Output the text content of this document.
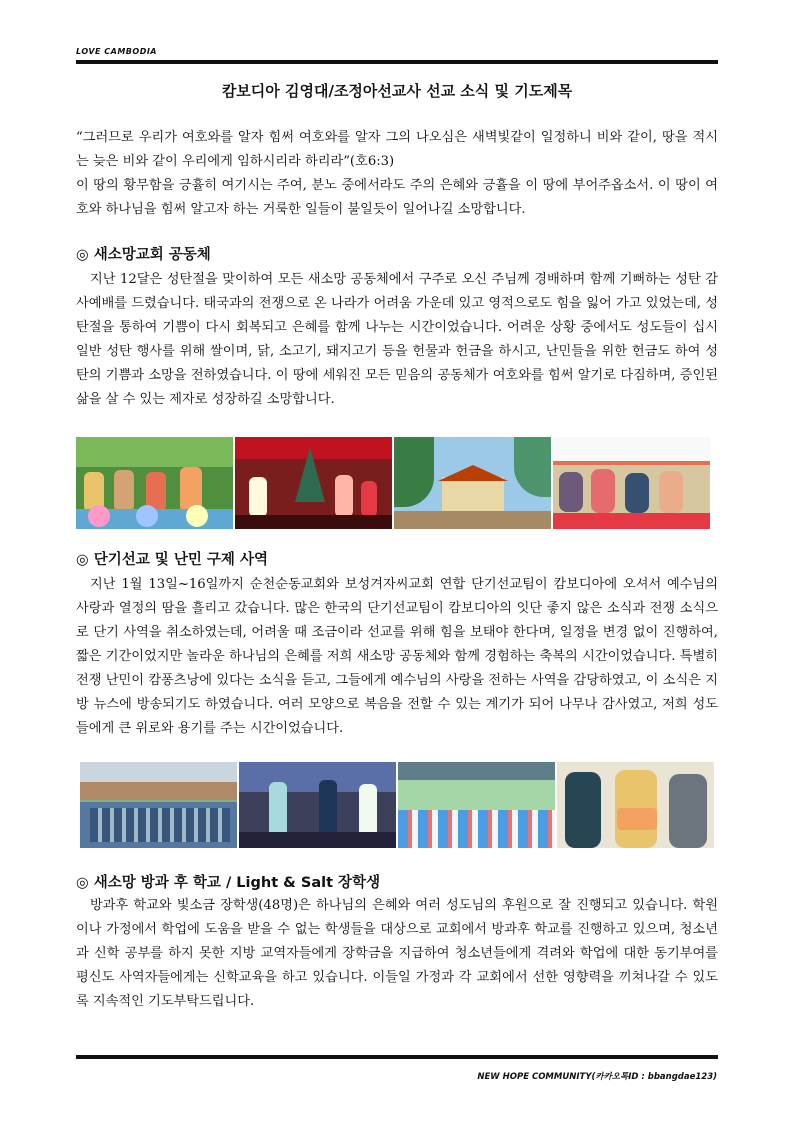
LOVE CAMBODIA
캄보디아 김영대/조정아선교사 선교 소식 및 기도제목

“그러므로 우리가 여호와를 알자 힘써 여호와를 알자 그의 나오심은 새벽빛같이 일정하니 비와 같이, 땅을 적시는 늦은 비와 같이 우리에게 임하시리라 하리라”(호6:3)

이 땅의 황무함을 긍휼히 여기시는 주여, 분노 중에서라도 주의 은혜와 긍휼을 이 땅에 부어주옵소서. 이 땅이 여호와 하나님을 힘써 알고자 하는 거룩한 일들이 불일듯이 일어나길 소망합니다.

◎ 새소망교회 공동체

지난 12달은 성탄절을 맞이하여 모든 새소망 공동체에서 구주로 오신 주님께 경배하며 함께 기뻐하는 성탄 감사예배를 드렸습니다. 태국과의 전쟁으로 온 나라가 어려움 가운데 있고 영적으로도 힘을 잃어 가고 있었는데, 성탄절을 통하여 기쁨이 다시 회복되고 은혜를 함께 나누는 시간이었습니다. 어려운 상황 중에서도 성도들이 십시일반 성탄 행사를 위해 쌀이며, 닭, 소고기, 돼지고기 등을 헌물과 헌금을 하시고, 난민들을 위한 헌금도 하여 성탄의 기쁨과 소망을 전하였습니다. 이 땅에 세워진 모든 믿음의 공동체가 여호와를 힘써 알기로 다짐하며, 증인된 삶을 살 수 있는 제자로 성장하길 소망합니다.

◎ 단기선교 및 난민 구제 사역

지난 1월 13일~16일까지 순천순동교회와 보성겨자씨교회 연합 단기선교팀이 캄보디아에 오셔서 예수님의 사랑과 열정의 땀을 흘리고 갔습니다. 많은 한국의 단기선교팀이 캄보디아의 잇단 좋지 않은 소식과 전쟁 소식으로 단기 사역을 취소하였는데, 어려울 때 조금이라 선교를 위해 힘을 보태야 한다며, 일정을 변경 없이 진행하여, 짧은 기간이었지만 놀라운 하나님의 은혜를 저희 새소망 공동체와 함께 경험하는 축복의 시간이었습니다. 특별히 전쟁 난민이 캄퐁츠낭에 있다는 소식을 듣고, 그들에게 예수님의 사랑을 전하는 사역을 감당하였고, 이 소식은 지방 뉴스에 방송되기도 하였습니다. 여러 모양으로 복음을 전할 수 있는 계기가 되어 나무나 감사였고, 저희 성도들에게 큰 위로와 용기를 주는 시간이었습니다.

◎ 새소망 방과 후 학교 / Light & Salt 장학생

방과후 학교와 빛소금 장학생(48명)은 하나님의 은혜와 여러 성도님의 후원으로 잘 진행되고 있습니다. 학원이나 가정에서 학업에 도움을 받을 수 없는 학생들을 대상으로 교회에서 방과후 학교를 진행하고 있으며, 청소년과 신학 공부를 하지 못한 지방 교역자들에게 장학금을 지급하여 청소년들에게 격려와 학업에 대한 동기부여를 평신도 사역자들에게는 신학교육을 하고 있습니다. 이들일 가정과 각 교회에서 선한 영향력을 끼쳐나갈 수 있도록 지속적인 기도부탁드립니다.

NEW HOPE COMMUNITY(카카오톡ID : bbangdae123)
